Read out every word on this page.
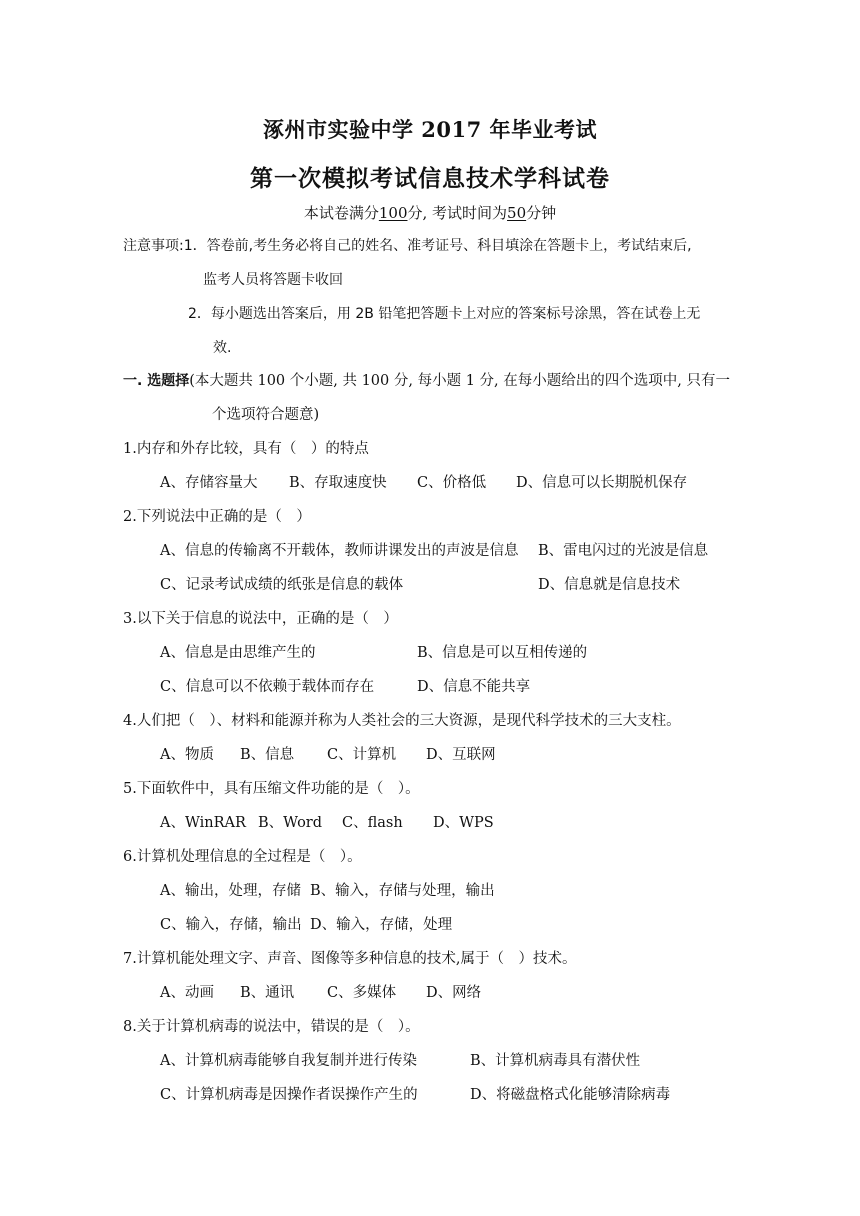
涿州市实验中学 2017 年毕业考试
第一次模拟考试信息技术学科试卷
本试卷满分100分, 考试时间为50分钟
注意事项:1．答卷前,考生务必将自己的姓名、准考证号、科目填涂在答题卡上，考试结束后,
监考人员将答题卡收回
2．每小题选出答案后，用 2B 铅笔把答题卡上对应的答案标号涂黑，答在试卷上无
效.
一. 选题择(本大题共 100 个小题, 共 100 分, 每小题 1 分, 在每小题给出的四个选项中, 只有一
个选项符合题意)
1.内存和外存比较，具有（　）的特点
A、存储容量大 B、存取速度快 C、价格低 D、信息可以长期脱机保存
2.下列说法中正确的是（　）
A、信息的传输离不开载体，教师讲课发出的声波是信息 B、雷电闪过的光波是信息
C、记录考试成绩的纸张是信息的载体	D、信息就是信息技术
3.以下关于信息的说法中，正确的是（　）
A、信息是由思维产生的	B、信息是可以互相传递的
C、信息可以不依赖于载体而存在	D、信息不能共享
4.人们把（　）、材料和能源并称为人类社会的三大资源，是现代科学技术的三大支柱。
A、物质 B、信息 C、计算机 D、互联网
5.下面软件中，具有压缩文件功能的是（　）。
A、WinRAR B、Word C、flash D、WPS
6.计算机处理信息的全过程是（　）。
A、输出，处理，存储 B、输入，存储与处理，输出
C、输入，存储，输出 D、输入，存储，处理
7.计算机能处理文字、声音、图像等多种信息的技术,属于（　）技术。
A、动画 B、通讯 C、多媒体 D、网络
8.关于计算机病毒的说法中，错误的是（　）。
A、计算机病毒能够自我复制并进行传染	B、计算机病毒具有潜伏性
C、计算机病毒是因操作者误操作产生的	D、将磁盘格式化能够清除病毒
